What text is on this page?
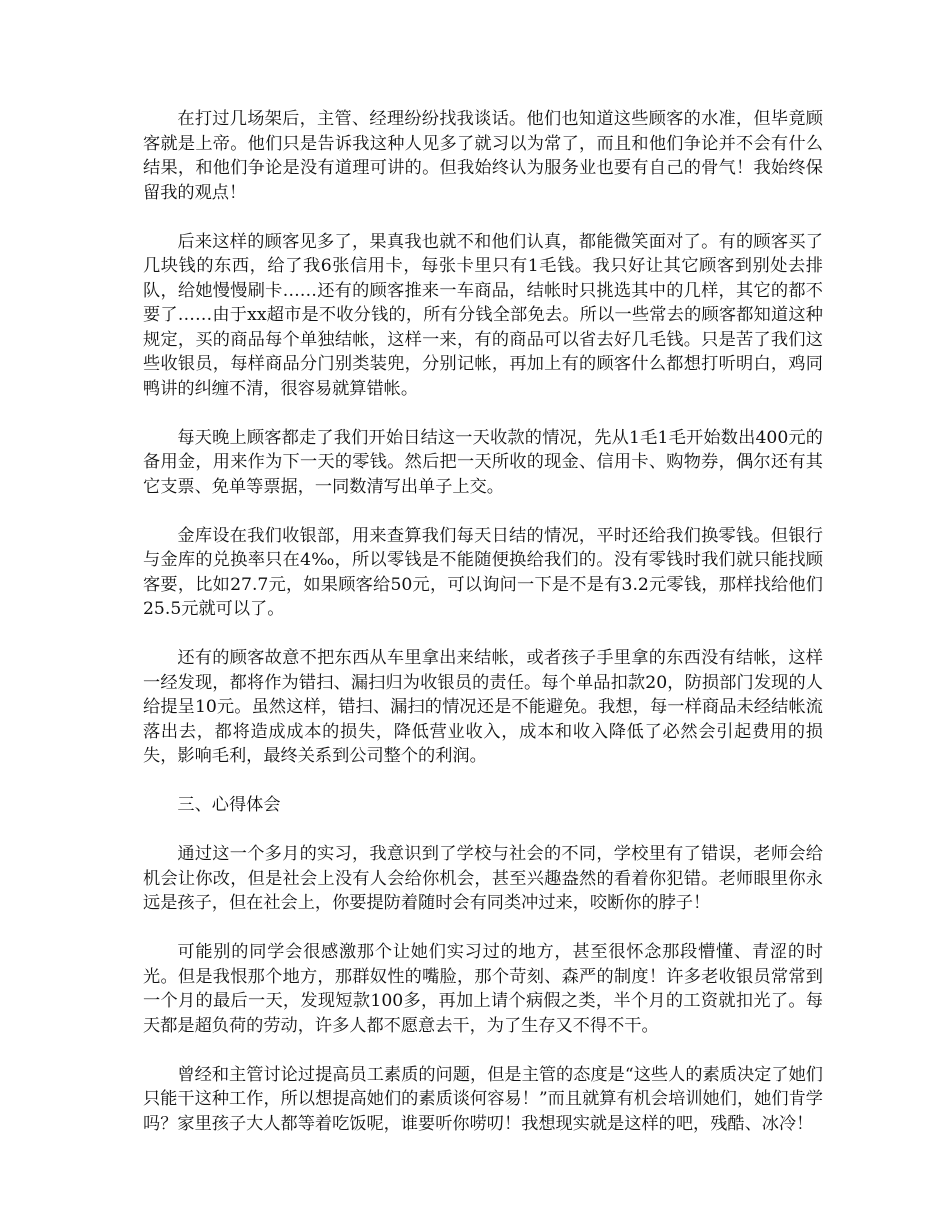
在打过几场架后，主管、经理纷纷找我谈话。他们也知道这些顾客的水准，但毕竟顾客就是上帝。他们只是告诉我这种人见多了就习以为常了，而且和他们争论并不会有什么结果，和他们争论是没有道理可讲的。但我始终认为服务业也要有自己的骨气！我始终保留我的观点！

后来这样的顾客见多了，果真我也就不和他们认真，都能微笑面对了。有的顾客买了几块钱的东西，给了我6张信用卡，每张卡里只有1毛钱。我只好让其它顾客到别处去排队，给她慢慢刷卡……还有的顾客推来一车商品，结帐时只挑选其中的几样，其它的都不要了……由于xx超市是不收分钱的，所有分钱全部免去。所以一些常去的顾客都知道这种规定，买的商品每个单独结帐，这样一来，有的商品可以省去好几毛钱。只是苦了我们这些收银员，每样商品分门别类装兜，分别记帐，再加上有的顾客什么都想打听明白，鸡同鸭讲的纠缠不清，很容易就算错帐。

每天晚上顾客都走了我们开始日结这一天收款的情况，先从1毛1毛开始数出400元的备用金，用来作为下一天的零钱。然后把一天所收的现金、信用卡、购物券，偶尔还有其它支票、免单等票据，一同数清写出单子上交。

金库设在我们收银部，用来查算我们每天日结的情况，平时还给我们换零钱。但银行与金库的兑换率只在4‰，所以零钱是不能随便换给我们的。没有零钱时我们就只能找顾客要，比如27.7元，如果顾客给50元，可以询问一下是不是有3.2元零钱，那样找给他们25.5元就可以了。

还有的顾客故意不把东西从车里拿出来结帐，或者孩子手里拿的东西没有结帐，这样一经发现，都将作为错扫、漏扫归为收银员的责任。每个单品扣款20，防损部门发现的人给提呈10元。虽然这样，错扫、漏扫的情况还是不能避免。我想，每一样商品未经结帐流落出去，都将造成成本的损失，降低营业收入，成本和收入降低了必然会引起费用的损失，影响毛利，最终关系到公司整个的利润。

三、心得体会

通过这一个多月的实习，我意识到了学校与社会的不同，学校里有了错误，老师会给机会让你改，但是社会上没有人会给你机会，甚至兴趣盎然的看着你犯错。老师眼里你永远是孩子，但在社会上，你要提防着随时会有同类冲过来，咬断你的脖子！

可能别的同学会很感激那个让她们实习过的地方，甚至很怀念那段懵懂、青涩的时光。但是我恨那个地方，那群奴性的嘴脸，那个苛刻、森严的制度！许多老收银员常常到一个月的最后一天，发现短款100多，再加上请个病假之类，半个月的工资就扣光了。每天都是超负荷的劳动，许多人都不愿意去干，为了生存又不得不干。

曾经和主管讨论过提高员工素质的问题，但是主管的态度是“这些人的素质决定了她们只能干这种工作，所以想提高她们的素质谈何容易！”而且就算有机会培训她们，她们肯学吗？家里孩子大人都等着吃饭呢，谁要听你唠叨！我想现实就是这样的吧，残酷、冰冷！
